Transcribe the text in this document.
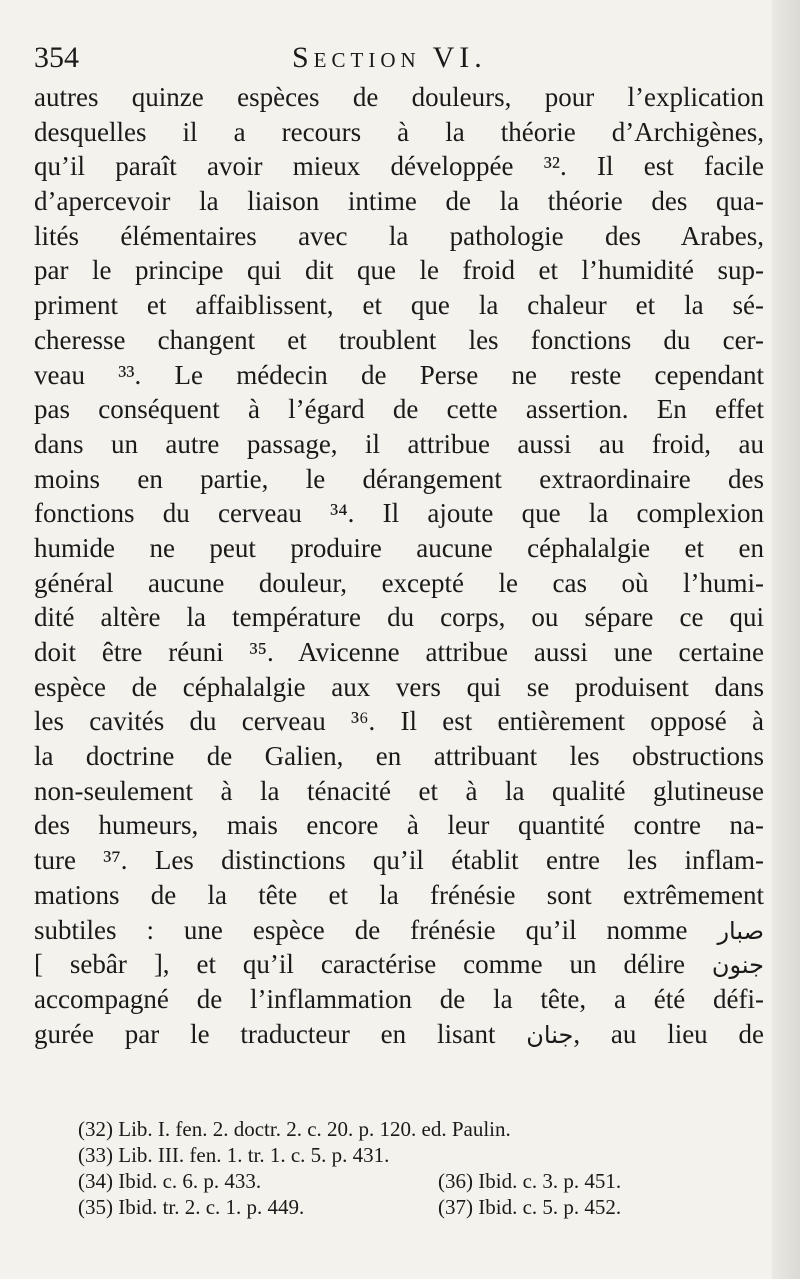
354	Section VI.
autres quinze espèces de douleurs, pour l’explication
desquelles il a recours à la théorie d’Archigènes,
qu’il paraît avoir mieux développée ³². Il est facile
d’apercevoir la liaison intime de la théorie des qua-
lités élémentaires avec la pathologie des Arabes,
par le principe qui dit que le froid et l’humidité sup-
priment et affaiblissent, et que la chaleur et la sé-
cheresse changent et troublent les fonctions du cer-
veau ³³. Le médecin de Perse ne reste cependant
pas conséquent à l’égard de cette assertion. En effet
dans un autre passage, il attribue aussi au froid, au
moins en partie, le dérangement extraordinaire des
fonctions du cerveau ³⁴. Il ajoute que la complexion
humide ne peut produire aucune céphalalgie et en
général aucune douleur, excepté le cas où l’humi-
dité altère la température du corps, ou sépare ce qui
doit être réuni ³⁵. Avicenne attribue aussi une certaine
espèce de céphalalgie aux vers qui se produisent dans
les cavités du cerveau ³⁶. Il est entièrement opposé à
la doctrine de Galien, en attribuant les obstructions
non-seulement à la ténacité et à la qualité glutineuse
des humeurs, mais encore à leur quantité contre na-
ture ³⁷. Les distinctions qu’il établit entre les inflam-
mations de la tête et la frénésie sont extrêmement
subtiles : une espèce de frénésie qu’il nomme صبار
[ sebâr ], et qu’il caractérise comme un délire جنون
accompagné de l’inflammation de la tête, a été défi-
gurée par le traducteur en lisant جنان, au lieu de
(32) Lib. I. fen. 2. doctr. 2. c. 20. p. 120. ed. Paulin.
(33) Lib. III. fen. 1. tr. 1. c. 5. p. 431.
(34) Ibid. c. 6. p. 433.	(36) Ibid. c. 3. p. 451.
(35) Ibid. tr. 2. c. 1. p. 449.	(37) Ibid. c. 5. p. 452.
